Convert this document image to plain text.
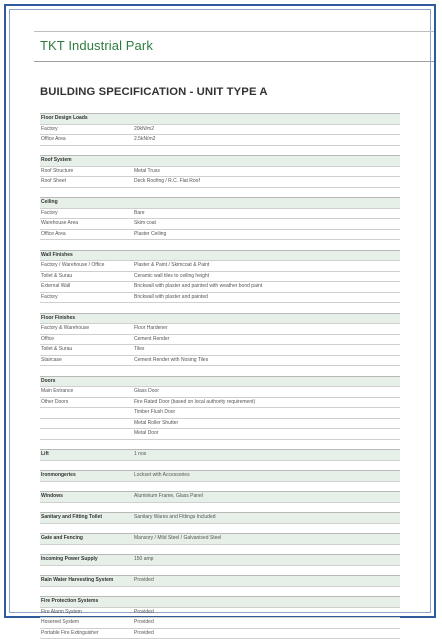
TKT Industrial Park
BUILDING SPECIFICATION - UNIT TYPE A
Floor Design Loads
Factory	20kN/m2
Office Area	2.5kN/m2
Roof System
Roof Structure	Metal Truss
Roof Sheet	Deck Roofing / R.C. Flat Roof
Ceiling
Factory	Bare
Warehouse Area	Skim coat
Office Area	Plaster Ceiling
Wall Finishes
Factory / Warehouse / Office	Plaster & Paint / Skimcoat & Paint
Toilet & Surau	Ceramic wall tiles to ceiling height
External Wall	Brickwall with plaster and painted with weather bond paint
Factory	Brickwall with plaster and painted
Floor Finishes
Factory & Warehouse	Floor Hardener
Office	Cement Render
Toilet & Surau	Tiles
Staircase	Cement Render with Nosing Tiles
Doors
Main Entrance	Glass Door
Other Doors	Fire Rated Door (based on local authority requirement)
Timber Flush Door
Metal Roller Shutter
Metal Door
Lift	1 nos
Ironmongeries	Lockset with Accessories
Windows	Aluminium Frame, Glass Panel
Sanitary and Fitting Toilet	Sanitary Wares and Fittings Included
Gate and Fencing	Mansory / Mild Steel / Galvanised Steel
Incoming Power Supply	150 amp
Rain Water Harvesting System	Provided
Fire Protection Systems
Fire Alarm System	Provided
Hosereel System	Provided
Portable Fire Extinguisher	Provided
